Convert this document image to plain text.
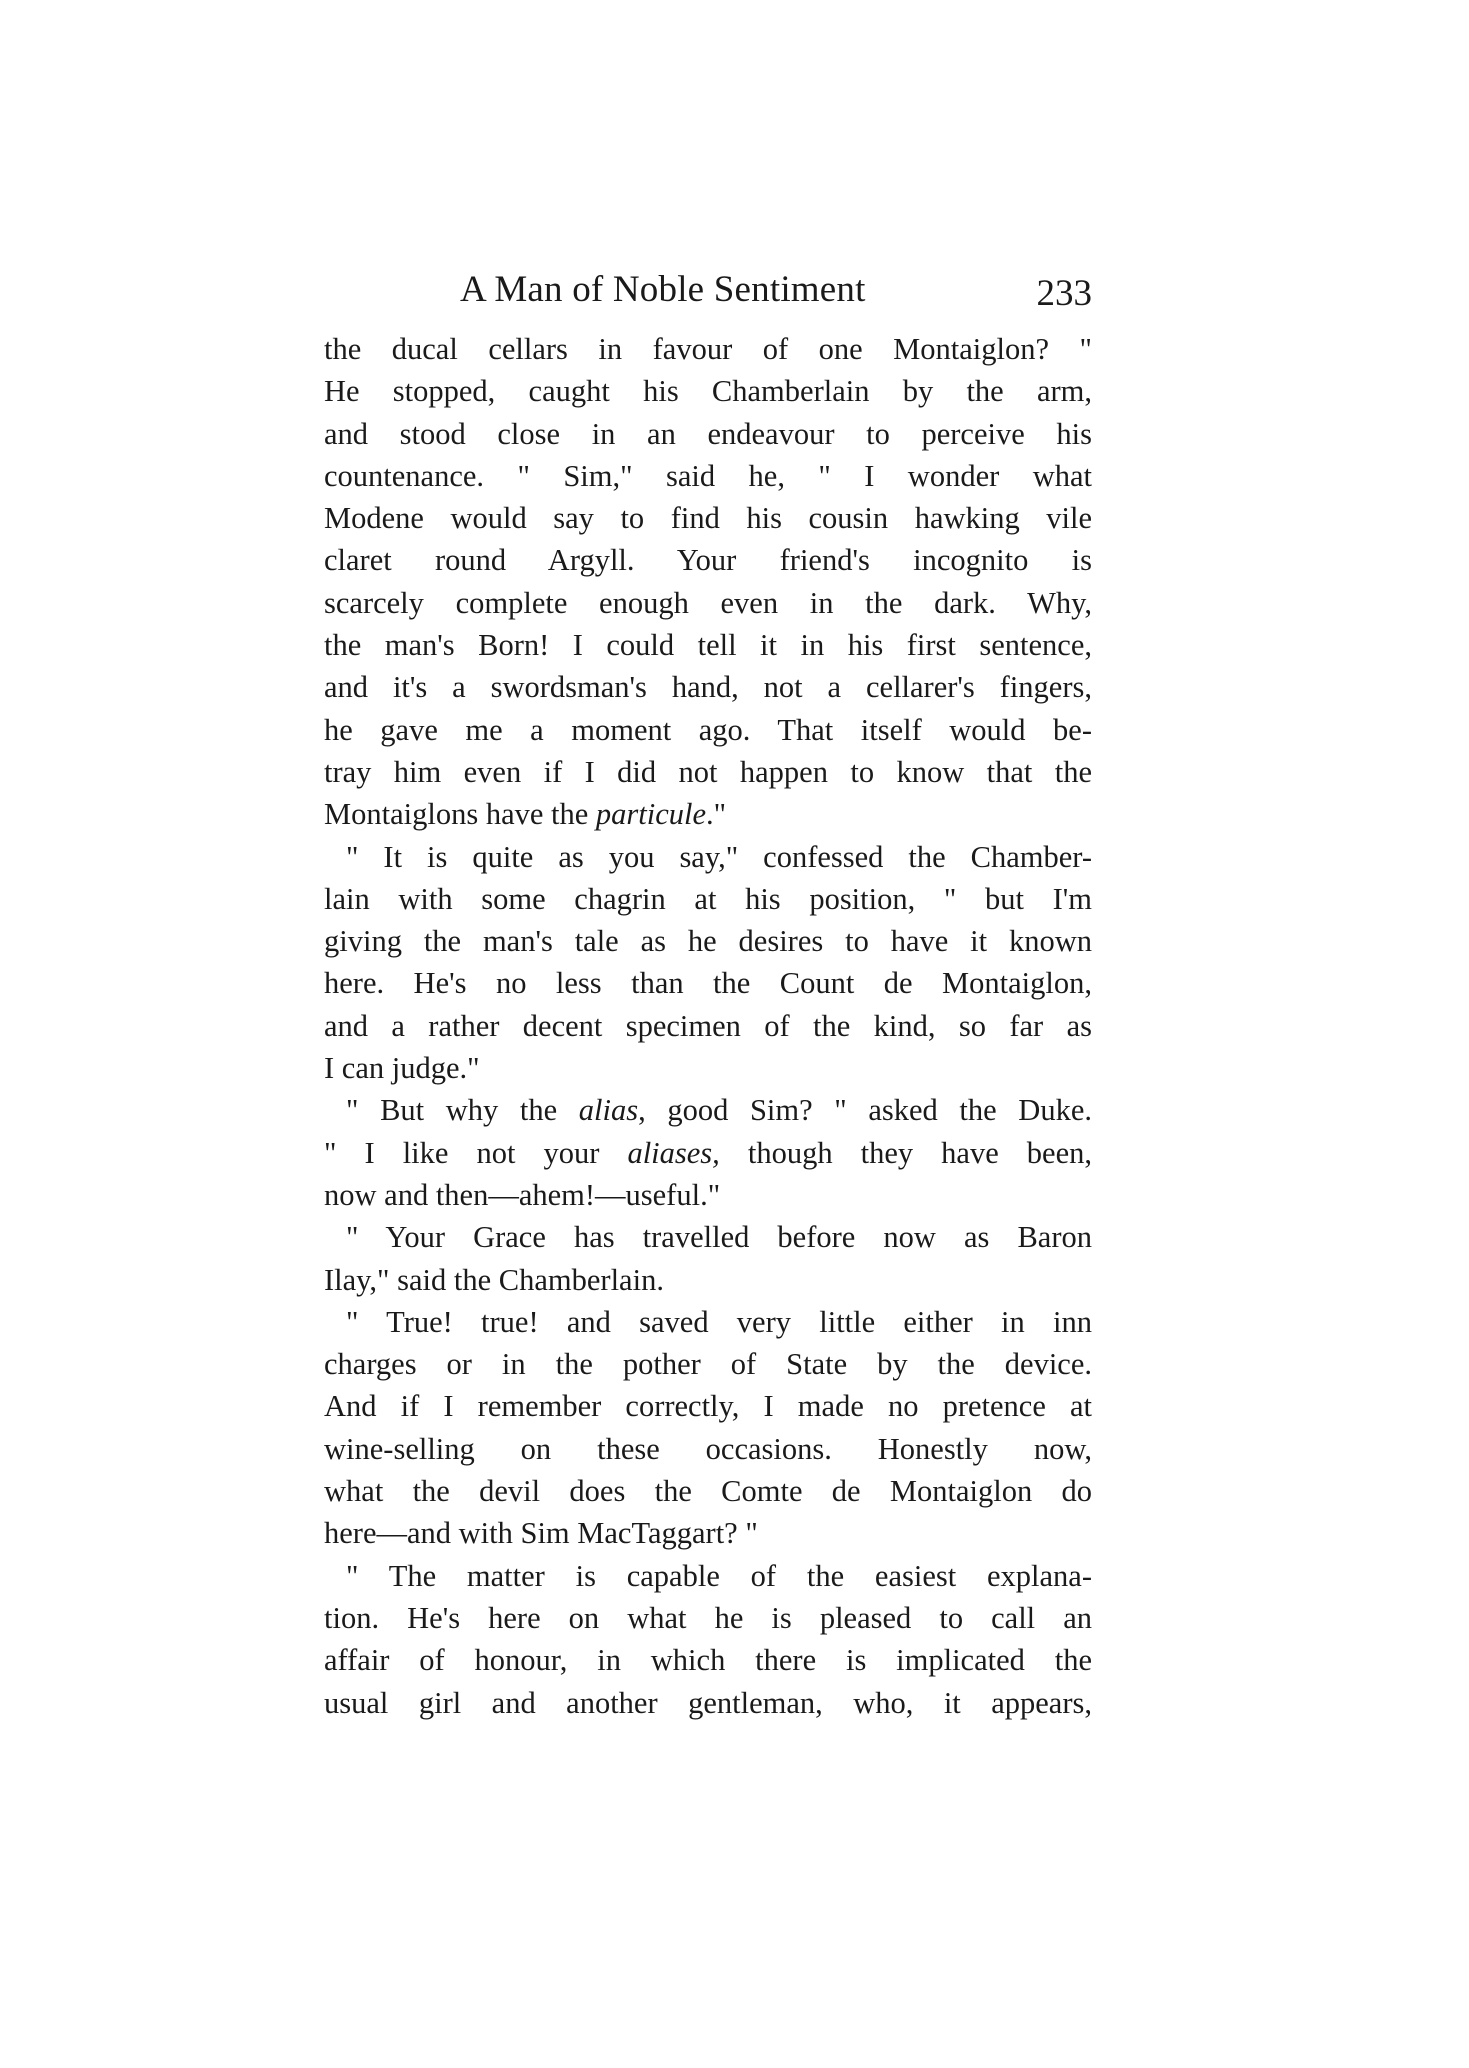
A Man of Noble Sentiment	233
the ducal cellars in favour of one Montaiglon? "
He stopped, caught his Chamberlain by the arm,
and stood close in an endeavour to perceive his
countenance. " Sim," said he, " I wonder what
Modene would say to find his cousin hawking vile
claret round Argyll. Your friend's incognito is
scarcely complete enough even in the dark. Why,
the man's Born! I could tell it in his first sentence,
and it's a swordsman's hand, not a cellarer's fingers,
he gave me a moment ago. That itself would be-
tray him even if I did not happen to know that the
Montaiglons have the particule."
" It is quite as you say," confessed the Chamber-
lain with some chagrin at his position, " but I'm
giving the man's tale as he desires to have it known
here. He's no less than the Count de Montaiglon,
and a rather decent specimen of the kind, so far as
I can judge."
" But why the alias, good Sim? " asked the Duke.
" I like not your aliases, though they have been,
now and then—ahem!—useful."
" Your Grace has travelled before now as Baron
Ilay," said the Chamberlain.
" True! true! and saved very little either in inn
charges or in the pother of State by the device.
And if I remember correctly, I made no pretence at
wine-selling on these occasions. Honestly now,
what the devil does the Comte de Montaiglon do
here—and with Sim MacTaggart? "
" The matter is capable of the easiest explana-
tion. He's here on what he is pleased to call an
affair of honour, in which there is implicated the
usual girl and another gentleman, who, it appears,
